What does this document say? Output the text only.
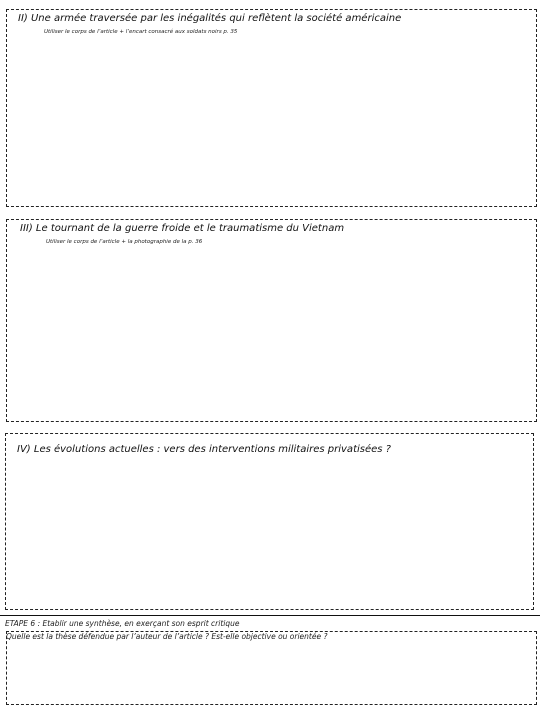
II) Une armée traversée par les inégalités qui reflètent la société américaine
Utiliser le corps de l’article + l’encart consacré aux soldats noirs p. 35
III) Le tournant de la guerre froide et le traumatisme du Vietnam
Utiliser le corps de l’article + la photographie de la p. 36
IV) Les évolutions actuelles : vers des interventions militaires privatisées ?
ETAPE 6 : Etablir une synthèse, en exerçant son esprit critique
Quelle est la thèse défendue par l’auteur de l’article ? Est-elle objective ou orientée ?
